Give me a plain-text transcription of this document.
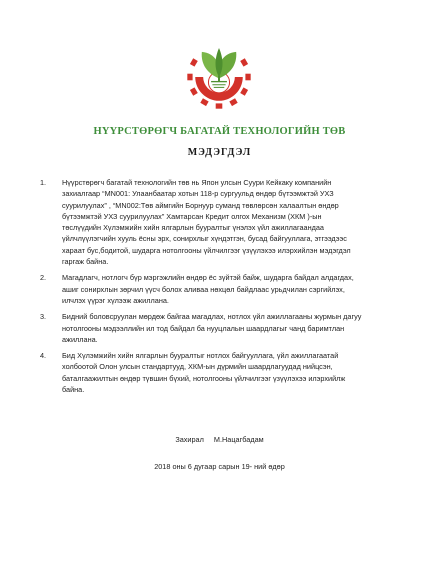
НҮҮРСТӨРӨГЧ БАГАТАЙ ТЕХНОЛОГИЙН ТӨВ
МЭДЭГДЭЛ
1. Нүүрстөрөгч багатай технологийн төв нь Япон улсын Суури Кейкаку компанийн
захиалгаар “MN001: Улаанбаатар хотын 118-р сургуульд өндөр бүтээмжтэй УХЗ
суурилуулах” , “MN002:Төв аймгийн Борнуур суманд төвлөрсөн халаалтын өндөр
бүтээмжтэй УХЗ суурилуулах” Хамтарсан Кредит олгох Механизм (ХКМ )-ын
төслүүдийн Хүлэмжийн хийн ялгарлын бууралтыг үнэлэх үйл ажиллагаандаа
үйлчлүүлэгчийн хууль ёсны эрх, сонирхлыг хүндэтгэн, бусад байгууллага, этгээдээс
хараат бус,бодитой, шударга нотолгооны үйлчилгээг үзүүлэхээ илэрхийлэн мэдэгдэл
гаргаж байна.
2. Магадлагч, нотлогч бүр мэргэжлийн өндөр ёс зүйтэй байж, шударга байдал алдагдах,
ашиг сонирхлын зөрчил үүсч болох аливаа нөхцөл байдлаас урьдчилан сэргийлэх,
илчлэх үүрэг хүлээж ажиллана.
3. Бидний боловсруулан мөрдөж байгаа магадлах, нотлох үйл ажиллагааны журмын дагуу
нотолгооны мэдээллийн ил тод байдал ба нууцлалын шаардлагыг чанд баримтлан
ажиллана.
4. Бид Хүлэмжийн хийн ялгарлын бууралтыг нотлох байгууллага, үйл ажиллагаатай
холбоотой Олон улсын стандартууд, ХКМ-ын дүрмийн шаардлагуудад нийцсэн,
баталгаажилтын өндөр түвшин бүхий, нотолгооны үйлчилгээг үзүүлэхээ илэрхийлж
байна.
Захирал М.Нацагбадам
2018 оны 6 дугаар сарын 19- ний өдөр
